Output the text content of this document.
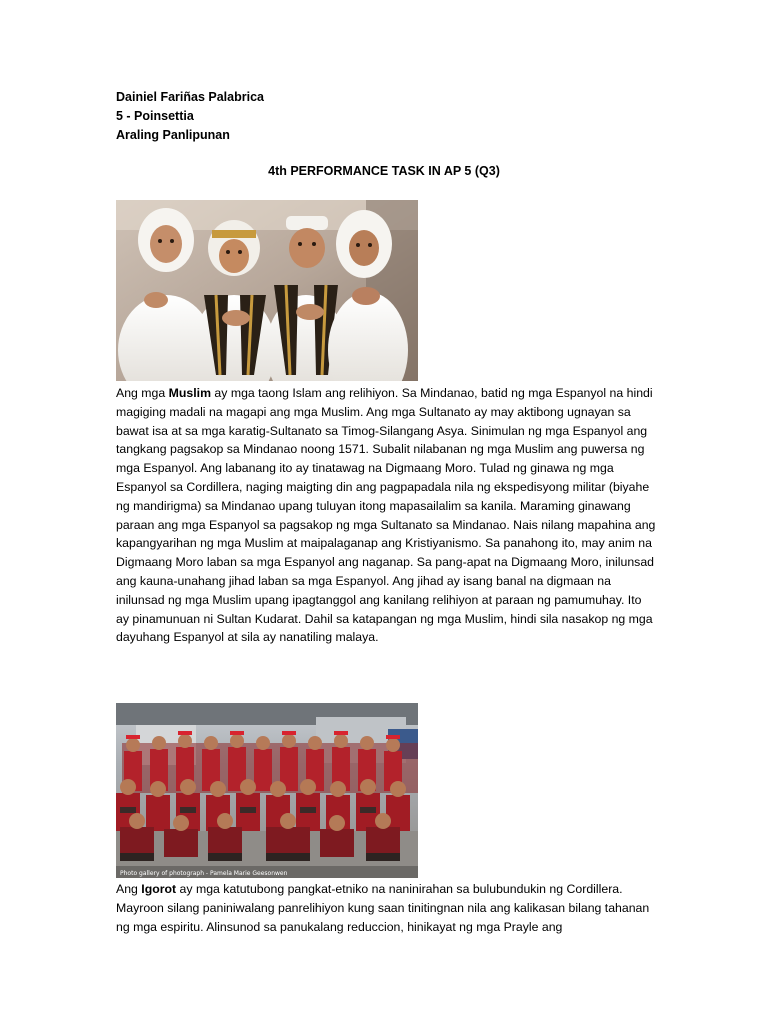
Dainiel Fariñas Palabrica
5 - Poinsettia
Araling Panlipunan
4th PERFORMANCE TASK IN AP 5 (Q3)
Ang mga Muslim ay mga taong Islam ang relihiyon. Sa Mindanao, batid ng mga Espanyol na hindi magiging madali na magapi ang mga Muslim. Ang mga Sultanato ay may aktibong ugnayan sa bawat isa at sa mga karatig-Sultanato sa Timog-Silangang Asya. Sinimulan ng mga Espanyol ang tangkang pagsakop sa Mindanao noong 1571. Subalit nilabanan ng mga Muslim ang puwersa ng mga Espanyol. Ang labanang ito ay tinatawag na Digmaang Moro. Tulad ng ginawa ng mga Espanyol sa Cordillera, naging maigting din ang pagpapadala nila ng ekspedisyong militar (biyahe ng mandirigma) sa Mindanao upang tuluyan itong mapasailalim sa kanila. Maraming ginawang paraan ang mga Espanyol sa pagsakop ng mga Sultanato sa Mindanao. Nais nilang mapahina ang kapangyarihan ng mga Muslim at maipalaganap ang Kristiyanismo. Sa panahong ito, may anim na Digmaang Moro laban sa mga Espanyol ang naganap. Sa pang-apat na Digmaang Moro, inilunsad ang kauna-unahang jihad laban sa mga Espanyol. Ang jihad ay isang banal na digmaan na inilunsad ng mga Muslim upang ipagtanggol ang kanilang relihiyon at paraan ng pamumuhay. Ito ay pinamunuan ni Sultan Kudarat. Dahil sa katapangan ng mga Muslim, hindi sila nasakop ng mga dayuhang Espanyol at sila ay nanatiling malaya.
Photo gallery of photograph - Pamela Marie Geesonwen
Ang Igorot ay mga katutubong pangkat-etniko na naninirahan sa bulubundukin ng Cordillera. Mayroon silang paniniwalang panrelihiyon kung saan tinitingnan nila ang kalikasan bilang tahanan ng mga espiritu. Alinsunod sa panukalang reduccion, hinikayat ng mga Prayle ang
